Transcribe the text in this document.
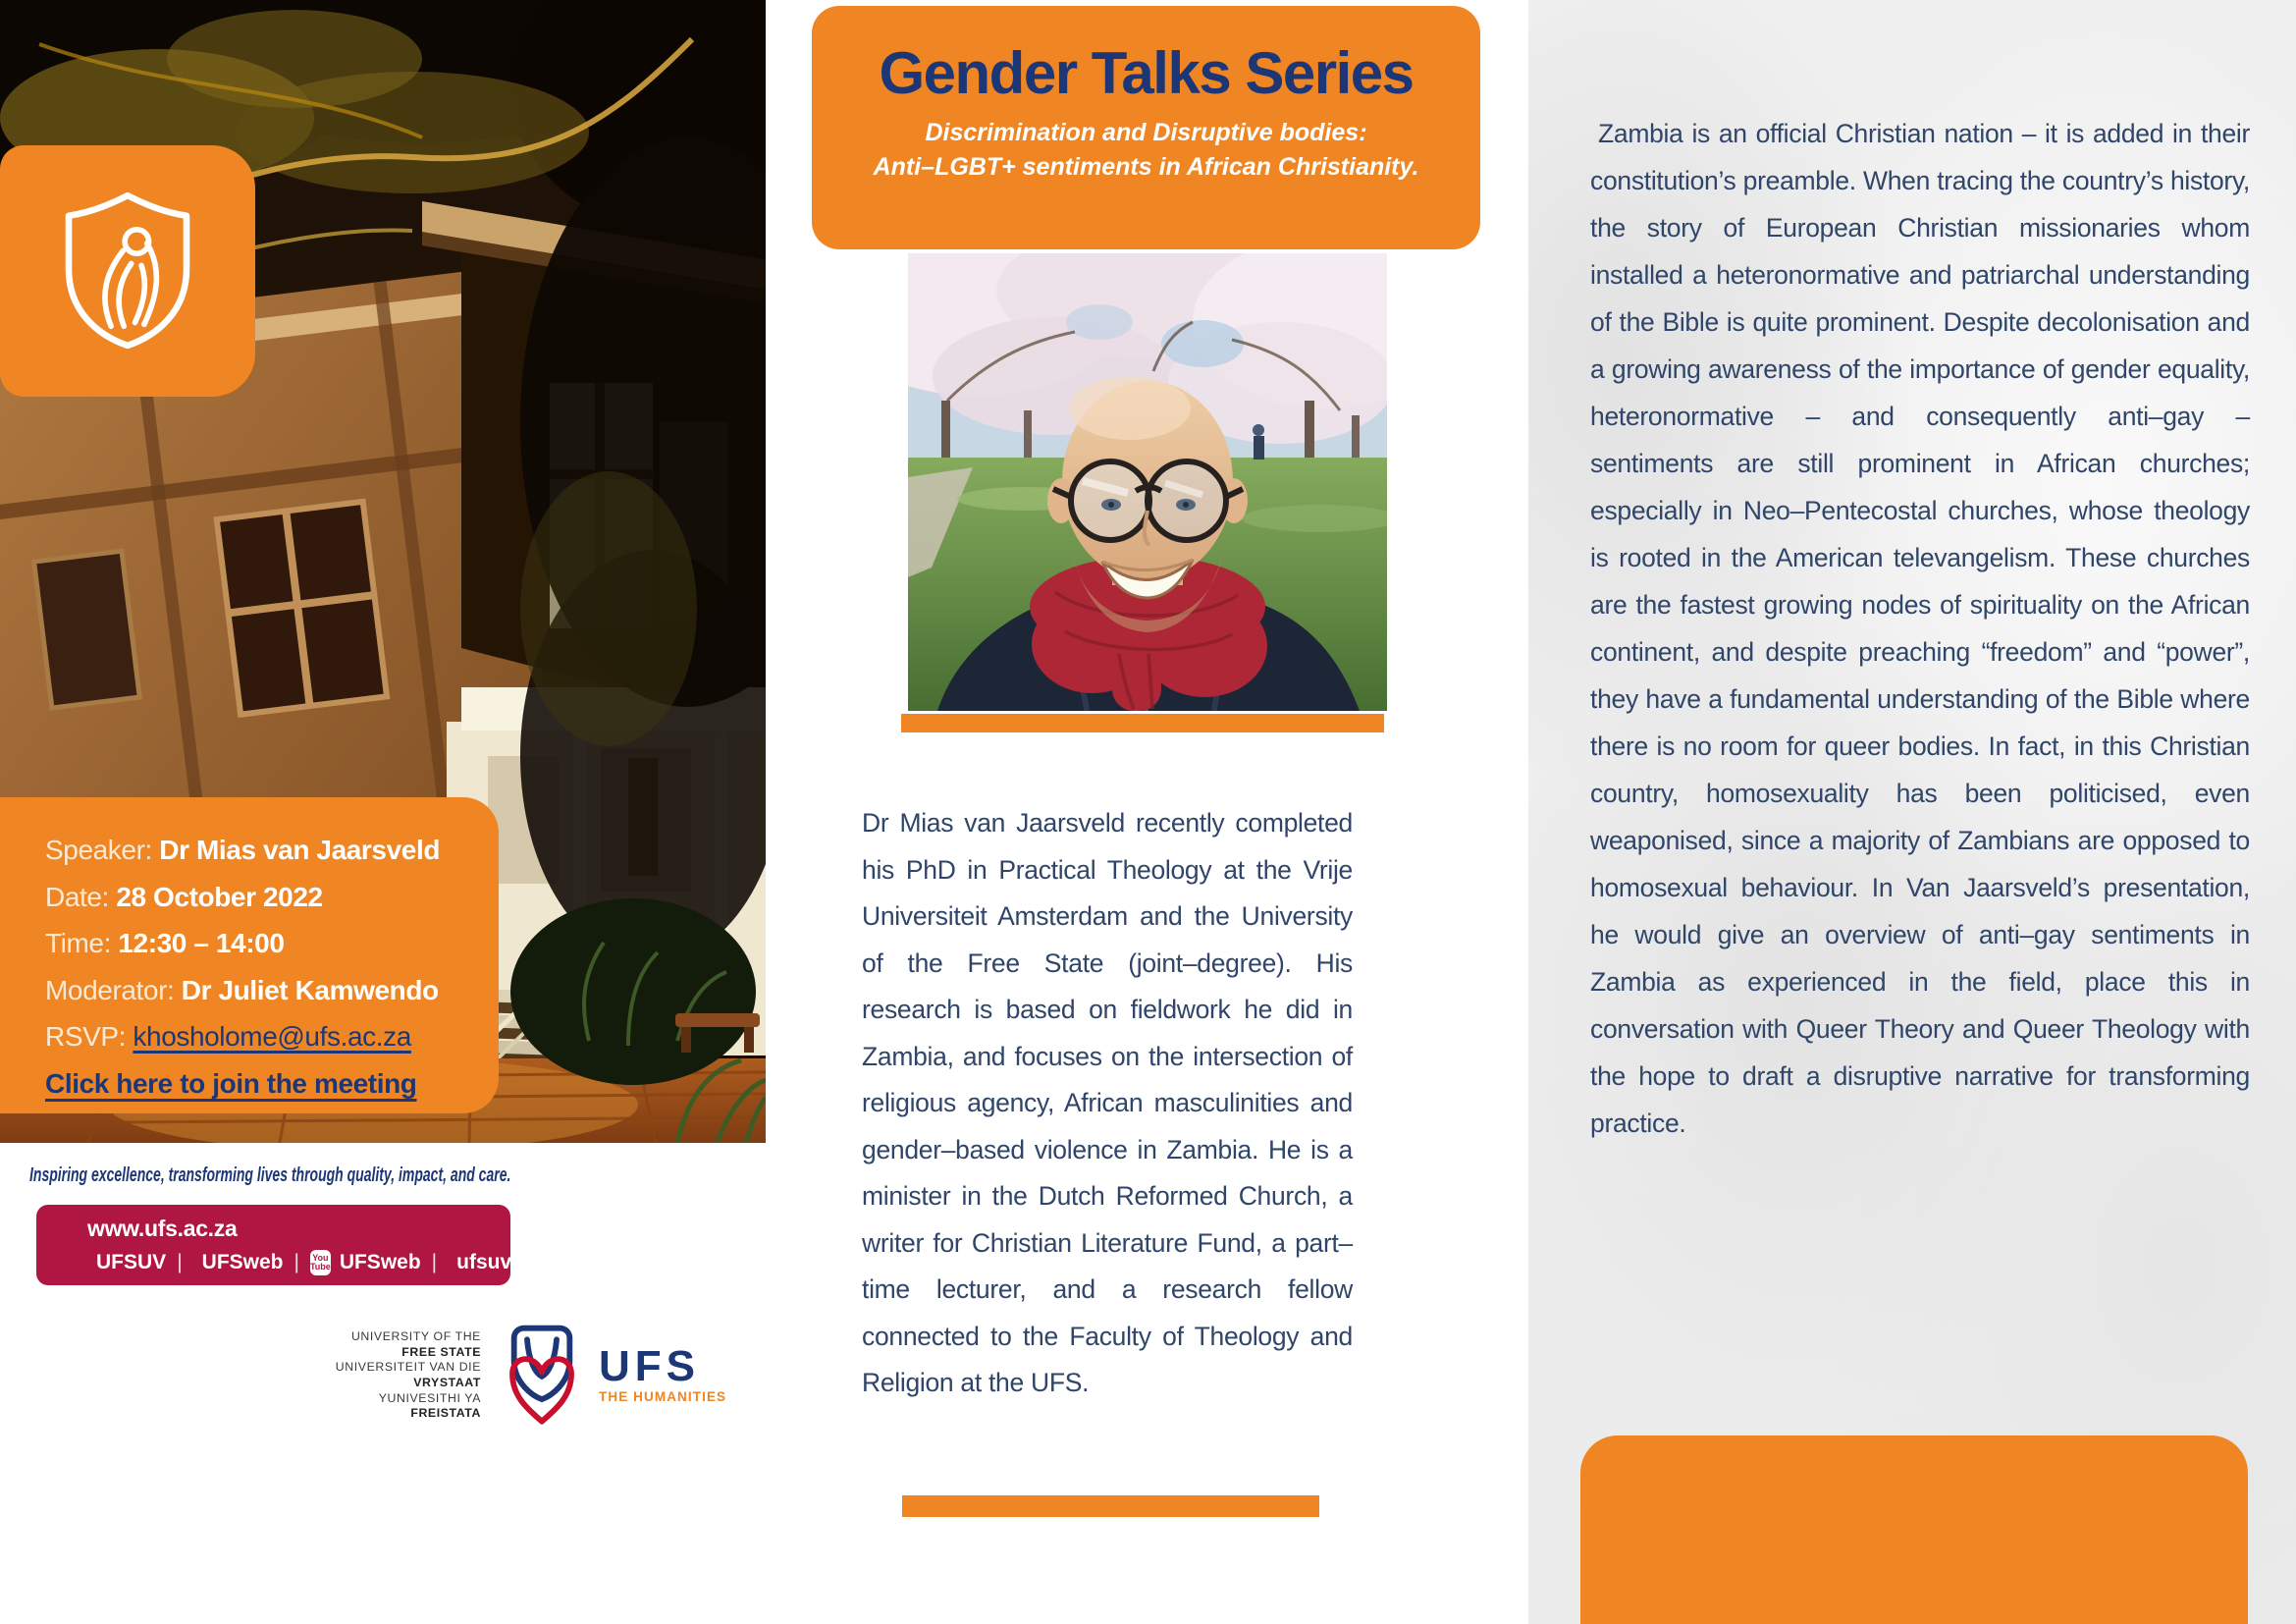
Speaker: Dr Mias van Jaarsveld
Date: 28 October 2022
Time: 12:30 – 14:00
Moderator: Dr Juliet Kamwendo
RSVP: khosholome@ufs.ac.za
Click here to join the meeting
Inspiring excellence, transforming lives through quality, impact, and care.
www.ufs.ac.za
UFSUV | UFSweb | You
Tube UFSweb | ufsuv
UNIVERSITY OF THE
FREE STATE
UNIVERSITEIT VAN DIE
VRYSTAAT
YUNIVESITHI YA
FREISTATA
UFS
THE HUMANITIES
Gender Talks Series
Discrimination and Disruptive bodies:
Anti–LGBT+ sentiments in African Christianity.
Dr Mias van Jaarsveld recently completed his PhD in Practical Theology at the Vrije Universiteit Amsterdam and the University of the Free State (joint–degree). His research is based on fieldwork he did in Zambia, and focuses on the intersection of religious agency, African masculinities and gender–based violence in Zambia. He is a minister in the Dutch Reformed Church, a writer for Christian Literature Fund, a part–time lecturer, and a research fellow connected to the Faculty of Theology and Religion at the UFS.
Zambia is an official Christian nation – it is added in their constitution’s preamble. When tracing the country’s history, the story of European Christian missionaries whom installed a heteronormative and patriarchal understanding of the Bible is quite prominent. Despite decolonisation and a growing awareness of the importance of gender equality, heteronormative – and consequently anti–gay – sentiments are still prominent in African churches; especially in Neo–Pentecostal churches, whose theology is rooted in the American televangelism. These churches are the fastest growing nodes of spirituality on the African continent, and despite preaching “freedom” and “power”, they have a fundamental understanding of the Bible where there is no room for queer bodies. In fact, in this Christian country, homosexuality has been politicised, even weaponised, since a majority of Zambians are opposed to homosexual behaviour. In Van Jaarsveld’s presentation, he would give an overview of anti–gay sentiments in Zambia as experienced in the field, place this in conversation with Queer Theory and Queer Theology with the hope to draft a disruptive narrative for transforming practice.
